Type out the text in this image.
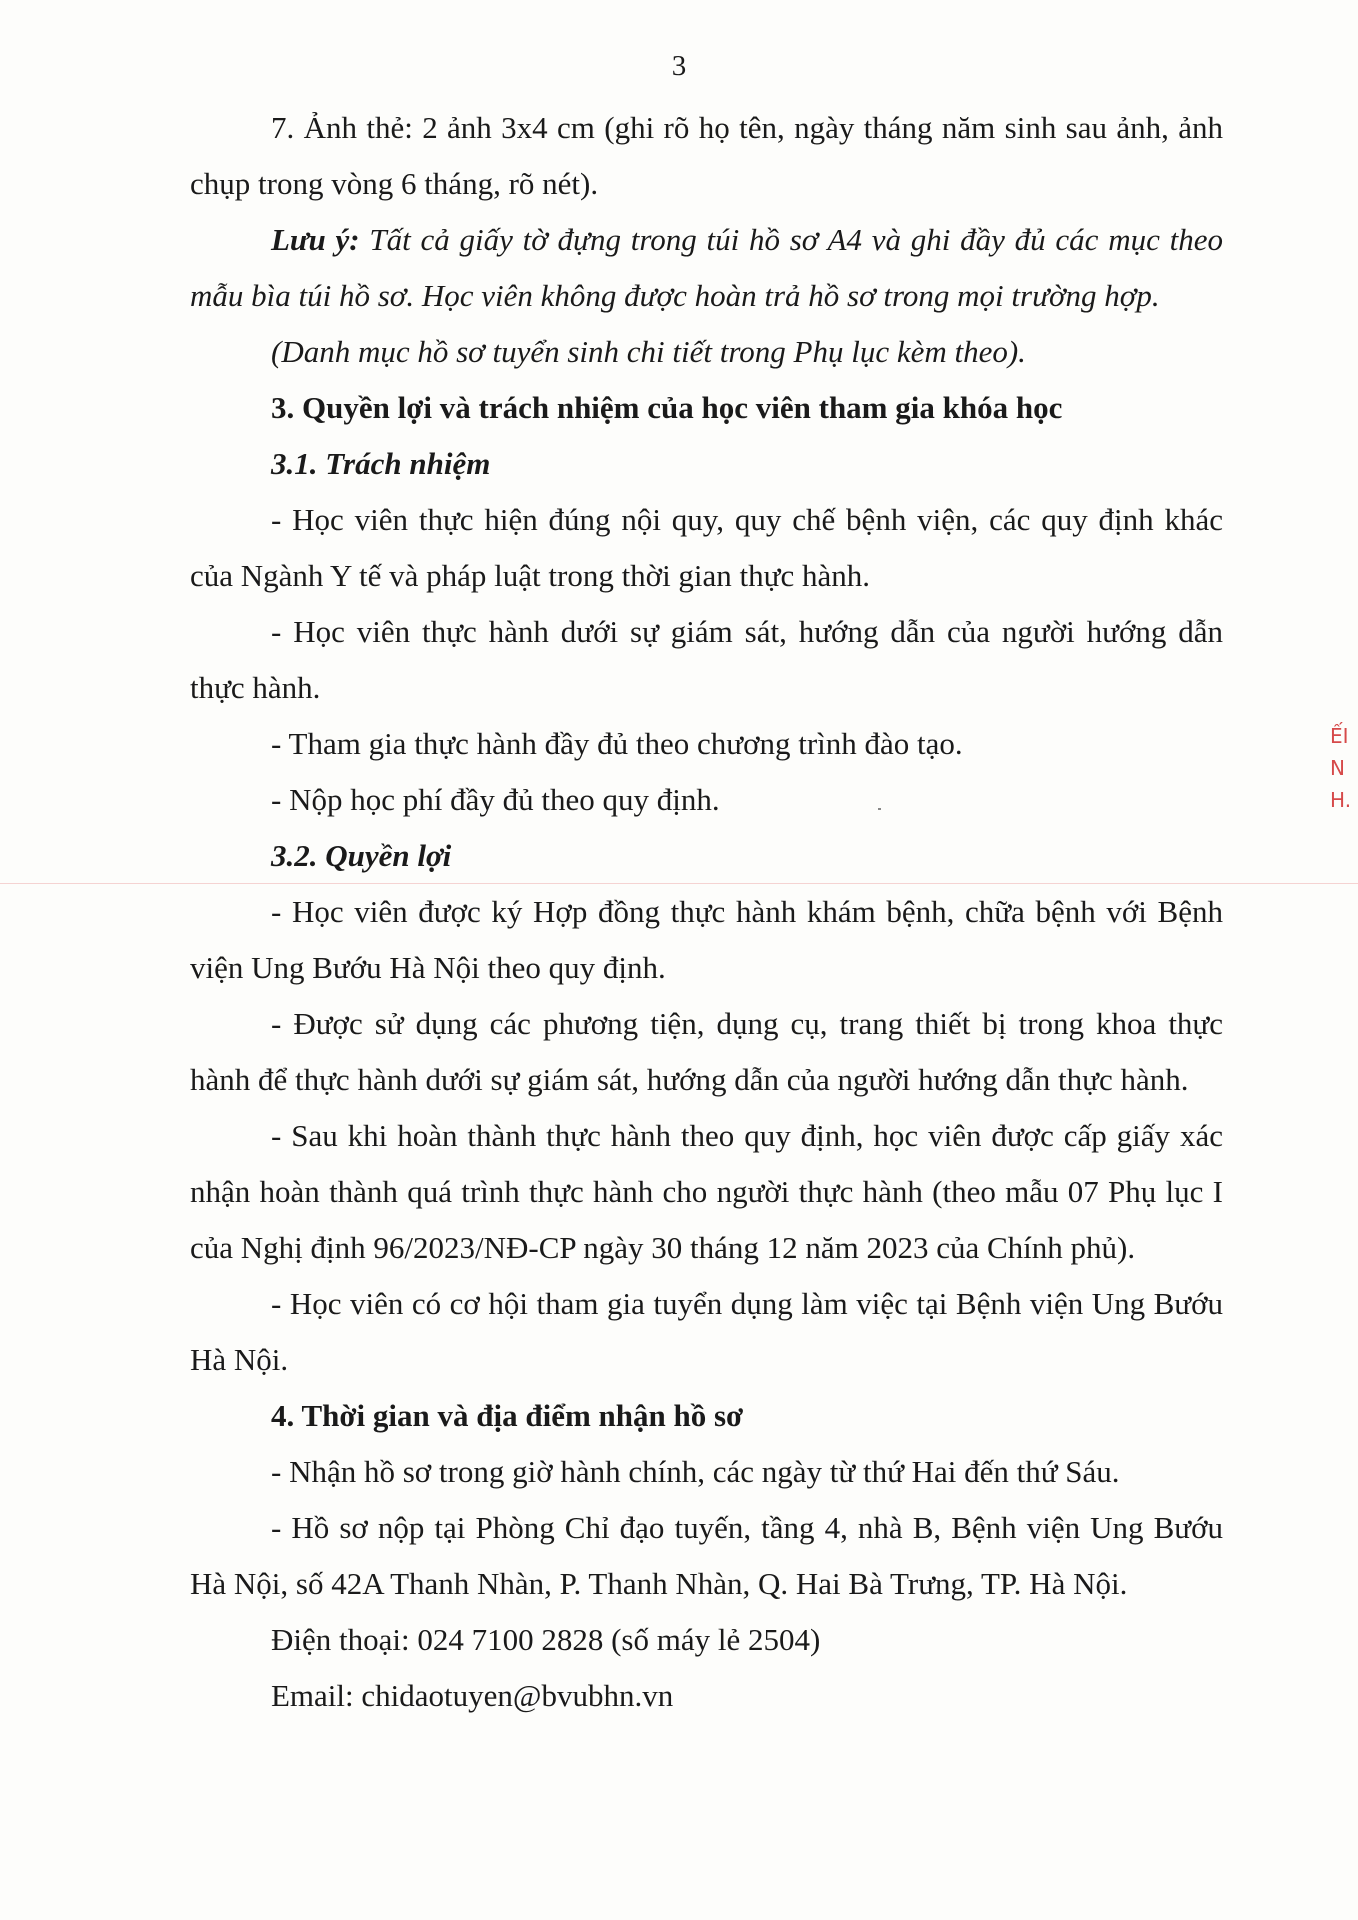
3
ẾI
N
H.

7. Ảnh thẻ: 2 ảnh 3x4 cm (ghi rõ họ tên, ngày tháng năm sinh sau ảnh, ảnh chụp trong vòng 6 tháng, rõ nét).

Lưu ý: Tất cả giấy tờ đựng trong túi hồ sơ A4 và ghi đầy đủ các mục theo mẫu bìa túi hồ sơ. Học viên không được hoàn trả hồ sơ trong mọi trường hợp.

(Danh mục hồ sơ tuyển sinh chi tiết trong Phụ lục kèm theo).

3. Quyền lợi và trách nhiệm của học viên tham gia khóa học

3.1. Trách nhiệm

- Học viên thực hiện đúng nội quy, quy chế bệnh viện, các quy định khác của Ngành Y tế và pháp luật trong thời gian thực hành.

- Học viên thực hành dưới sự giám sát, hướng dẫn của người hướng dẫn thực hành.

- Tham gia thực hành đầy đủ theo chương trình đào tạo.

- Nộp học phí đầy đủ theo quy định.

3.2. Quyền lợi

- Học viên được ký Hợp đồng thực hành khám bệnh, chữa bệnh với Bệnh viện Ung Bướu Hà Nội theo quy định.

- Được sử dụng các phương tiện, dụng cụ, trang thiết bị trong khoa thực hành để thực hành dưới sự giám sát, hướng dẫn của người hướng dẫn thực hành.

- Sau khi hoàn thành thực hành theo quy định, học viên được cấp giấy xác nhận hoàn thành quá trình thực hành cho người thực hành (theo mẫu 07 Phụ lục I của Nghị định 96/2023/NĐ-CP ngày 30 tháng 12 năm 2023 của Chính phủ).

- Học viên có cơ hội tham gia tuyển dụng làm việc tại Bệnh viện Ung Bướu Hà Nội.

4. Thời gian và địa điểm nhận hồ sơ

- Nhận hồ sơ trong giờ hành chính, các ngày từ thứ Hai đến thứ Sáu.

- Hồ sơ nộp tại Phòng Chỉ đạo tuyến, tầng 4, nhà B, Bệnh viện Ung Bướu Hà Nội, số 42A Thanh Nhàn, P. Thanh Nhàn, Q. Hai Bà Trưng, TP. Hà Nội.

Điện thoại: 024 7100 2828 (số máy lẻ 2504)

Email: chidaotuyen@bvubhn.vn
